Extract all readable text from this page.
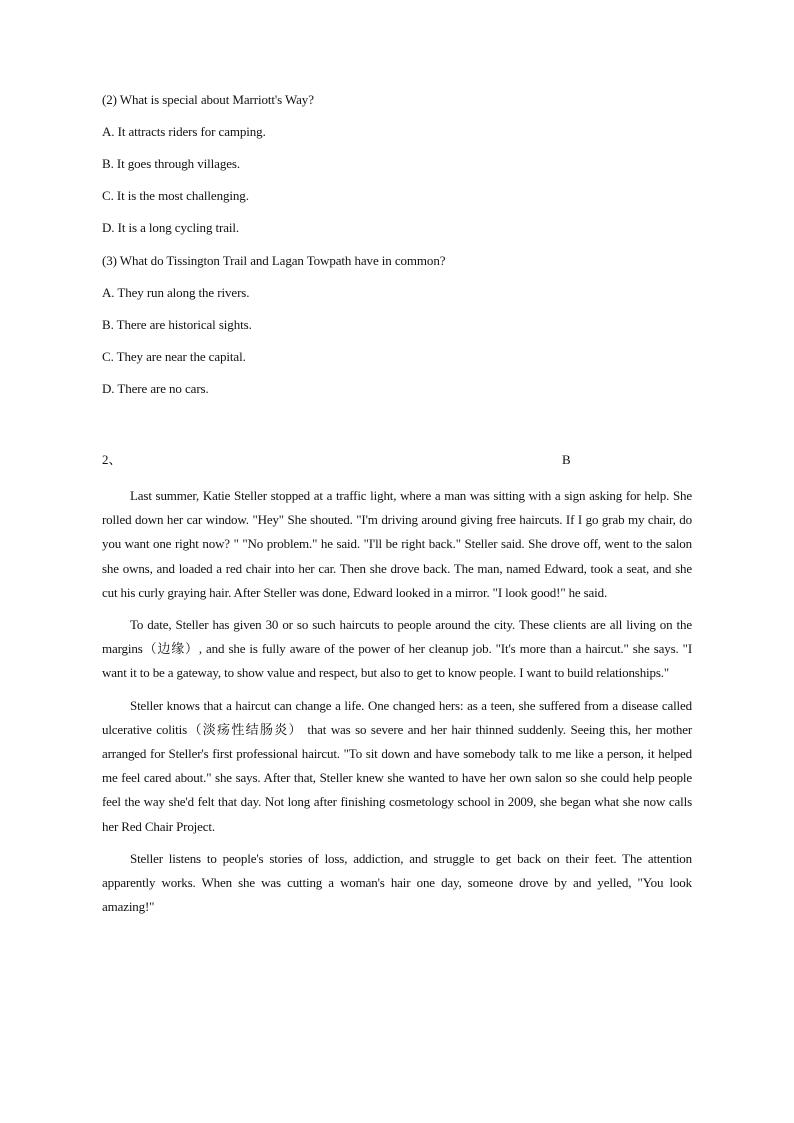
(2) What is special about Marriott's Way?
A. It attracts riders for camping.
B. It goes through villages.
C. It is the most challenging.
D. It is a long cycling trail.
(3) What do Tissington Trail and Lagan Towpath have in common?
A. They run along the rivers.
B. There are historical sights.
C. They are near the capital.
D. There are no cars.
2、	B

Last summer, Katie Steller stopped at a traffic light, where a man was sitting with a sign asking for help. She rolled down her car window. "Hey" She shouted. "I'm driving around giving free haircuts. If I go grab my chair, do you want one right now? " "No problem." he said. "I'll be right back." Steller said. She drove off, went to the salon she owns, and loaded a red chair into her car. Then she drove back. The man, named Edward, took a seat, and she cut his curly graying hair. After Steller was done, Edward looked in a mirror. "I look good!" he said.

To date, Steller has given 30 or so such haircuts to people around the city. These clients are all living on the margins（边缘）, and she is fully aware of the power of her cleanup job. "It's more than a haircut." she says. "I want it to be a gateway, to show value and respect, but also to get to know people. I want to build relationships."

Steller knows that a haircut can change a life. One changed hers: as a teen, she suffered from a disease called ulcerative colitis（淡疡性结肠炎） that was so severe and her hair thinned suddenly. Seeing this, her mother arranged for Steller's first professional haircut. "To sit down and have somebody talk to me like a person, it helped me feel cared about." she says. After that, Steller knew she wanted to have her own salon so she could help people feel the way she'd felt that day. Not long after finishing cosmetology school in 2009, she began what she now calls her Red Chair Project.

Steller listens to people's stories of loss, addiction, and struggle to get back on their feet. The attention apparently works. When she was cutting a woman's hair one day, someone drove by and yelled, "You look amazing!"
